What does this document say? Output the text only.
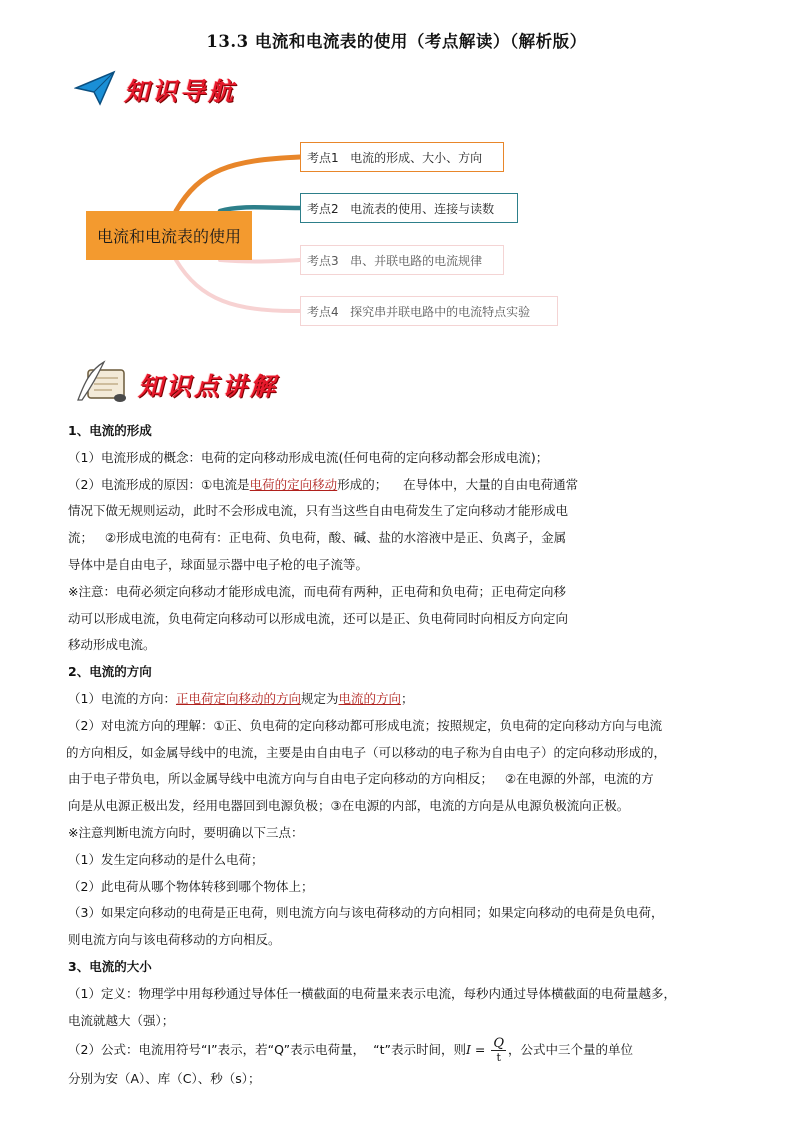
13.3 电流和电流表的使用（考点解读）（解析版）
知识导航
电流和电流表的使用
考点1   电流的形成、大小、方向
考点2   电流表的使用、连接与读数
考点3   串、并联电路的电流规律
考点4   探究串并联电路中的电流特点实验
知识点讲解

1、电流的形成

（1）电流形成的概念：电荷的定向移动形成电流(任何电荷的定向移动都会形成电流)；

（2）电流形成的原因：①电流是电荷的定向移动形成的；    在导体中，大量的自由电荷通常

情况下做无规则运动，此时不会形成电流，只有当这些自由电荷发生了定向移动才能形成电

流；   ②形成电流的电荷有：正电荷、负电荷，酸、碱、盐的水溶液中是正、负离子，金属

导体中是自由电子，球面显示器中电子枪的电子流等。

※注意：电荷必须定向移动才能形成电流，而电荷有两种，正电荷和负电荷；正电荷定向移

动可以形成电流，负电荷定向移动可以形成电流，还可以是正、负电荷同时向相反方向定向

移动形成电流。

2、电流的方向

（1）电流的方向：正电荷定向移动的方向规定为电流的方向；

（2）对电流方向的理解：①正、负电荷的定向移动都可形成电流；按照规定，负电荷的定向移动方向与电流

的方向相反，如金属导线中的电流，主要是由自由电子（可以移动的电子称为自由电子）的定向移动形成的，

由于电子带负电，所以金属导线中电流方向与自由电子定向移动的方向相反；   ②在电源的外部，电流的方

向是从电源正极出发，经用电器回到电源负极；③在电源的内部，电流的方向是从电源负极流向正极。

※注意判断电流方向时，要明确以下三点：

（1）发生定向移动的是什么电荷；

（2）此电荷从哪个物体转移到哪个物体上；

（3）如果定向移动的电荷是正电荷，则电流方向与该电荷移动的方向相同；如果定向移动的电荷是负电荷，

则电流方向与该电荷移动的方向相反。

3、电流的大小

（1）定义：物理学中用每秒通过导体任一横截面的电荷量来表示电流，每秒内通过导体横截面的电荷量越多，

电流就越大（强）；

（2）公式：电流用符号“I”表示，若“Q”表示电荷量，  “t”表示时间，则$I = \frac{Q}{t}$ ，公式中三个量的单位

分别为安（A）、库（C）、秒（s）；
